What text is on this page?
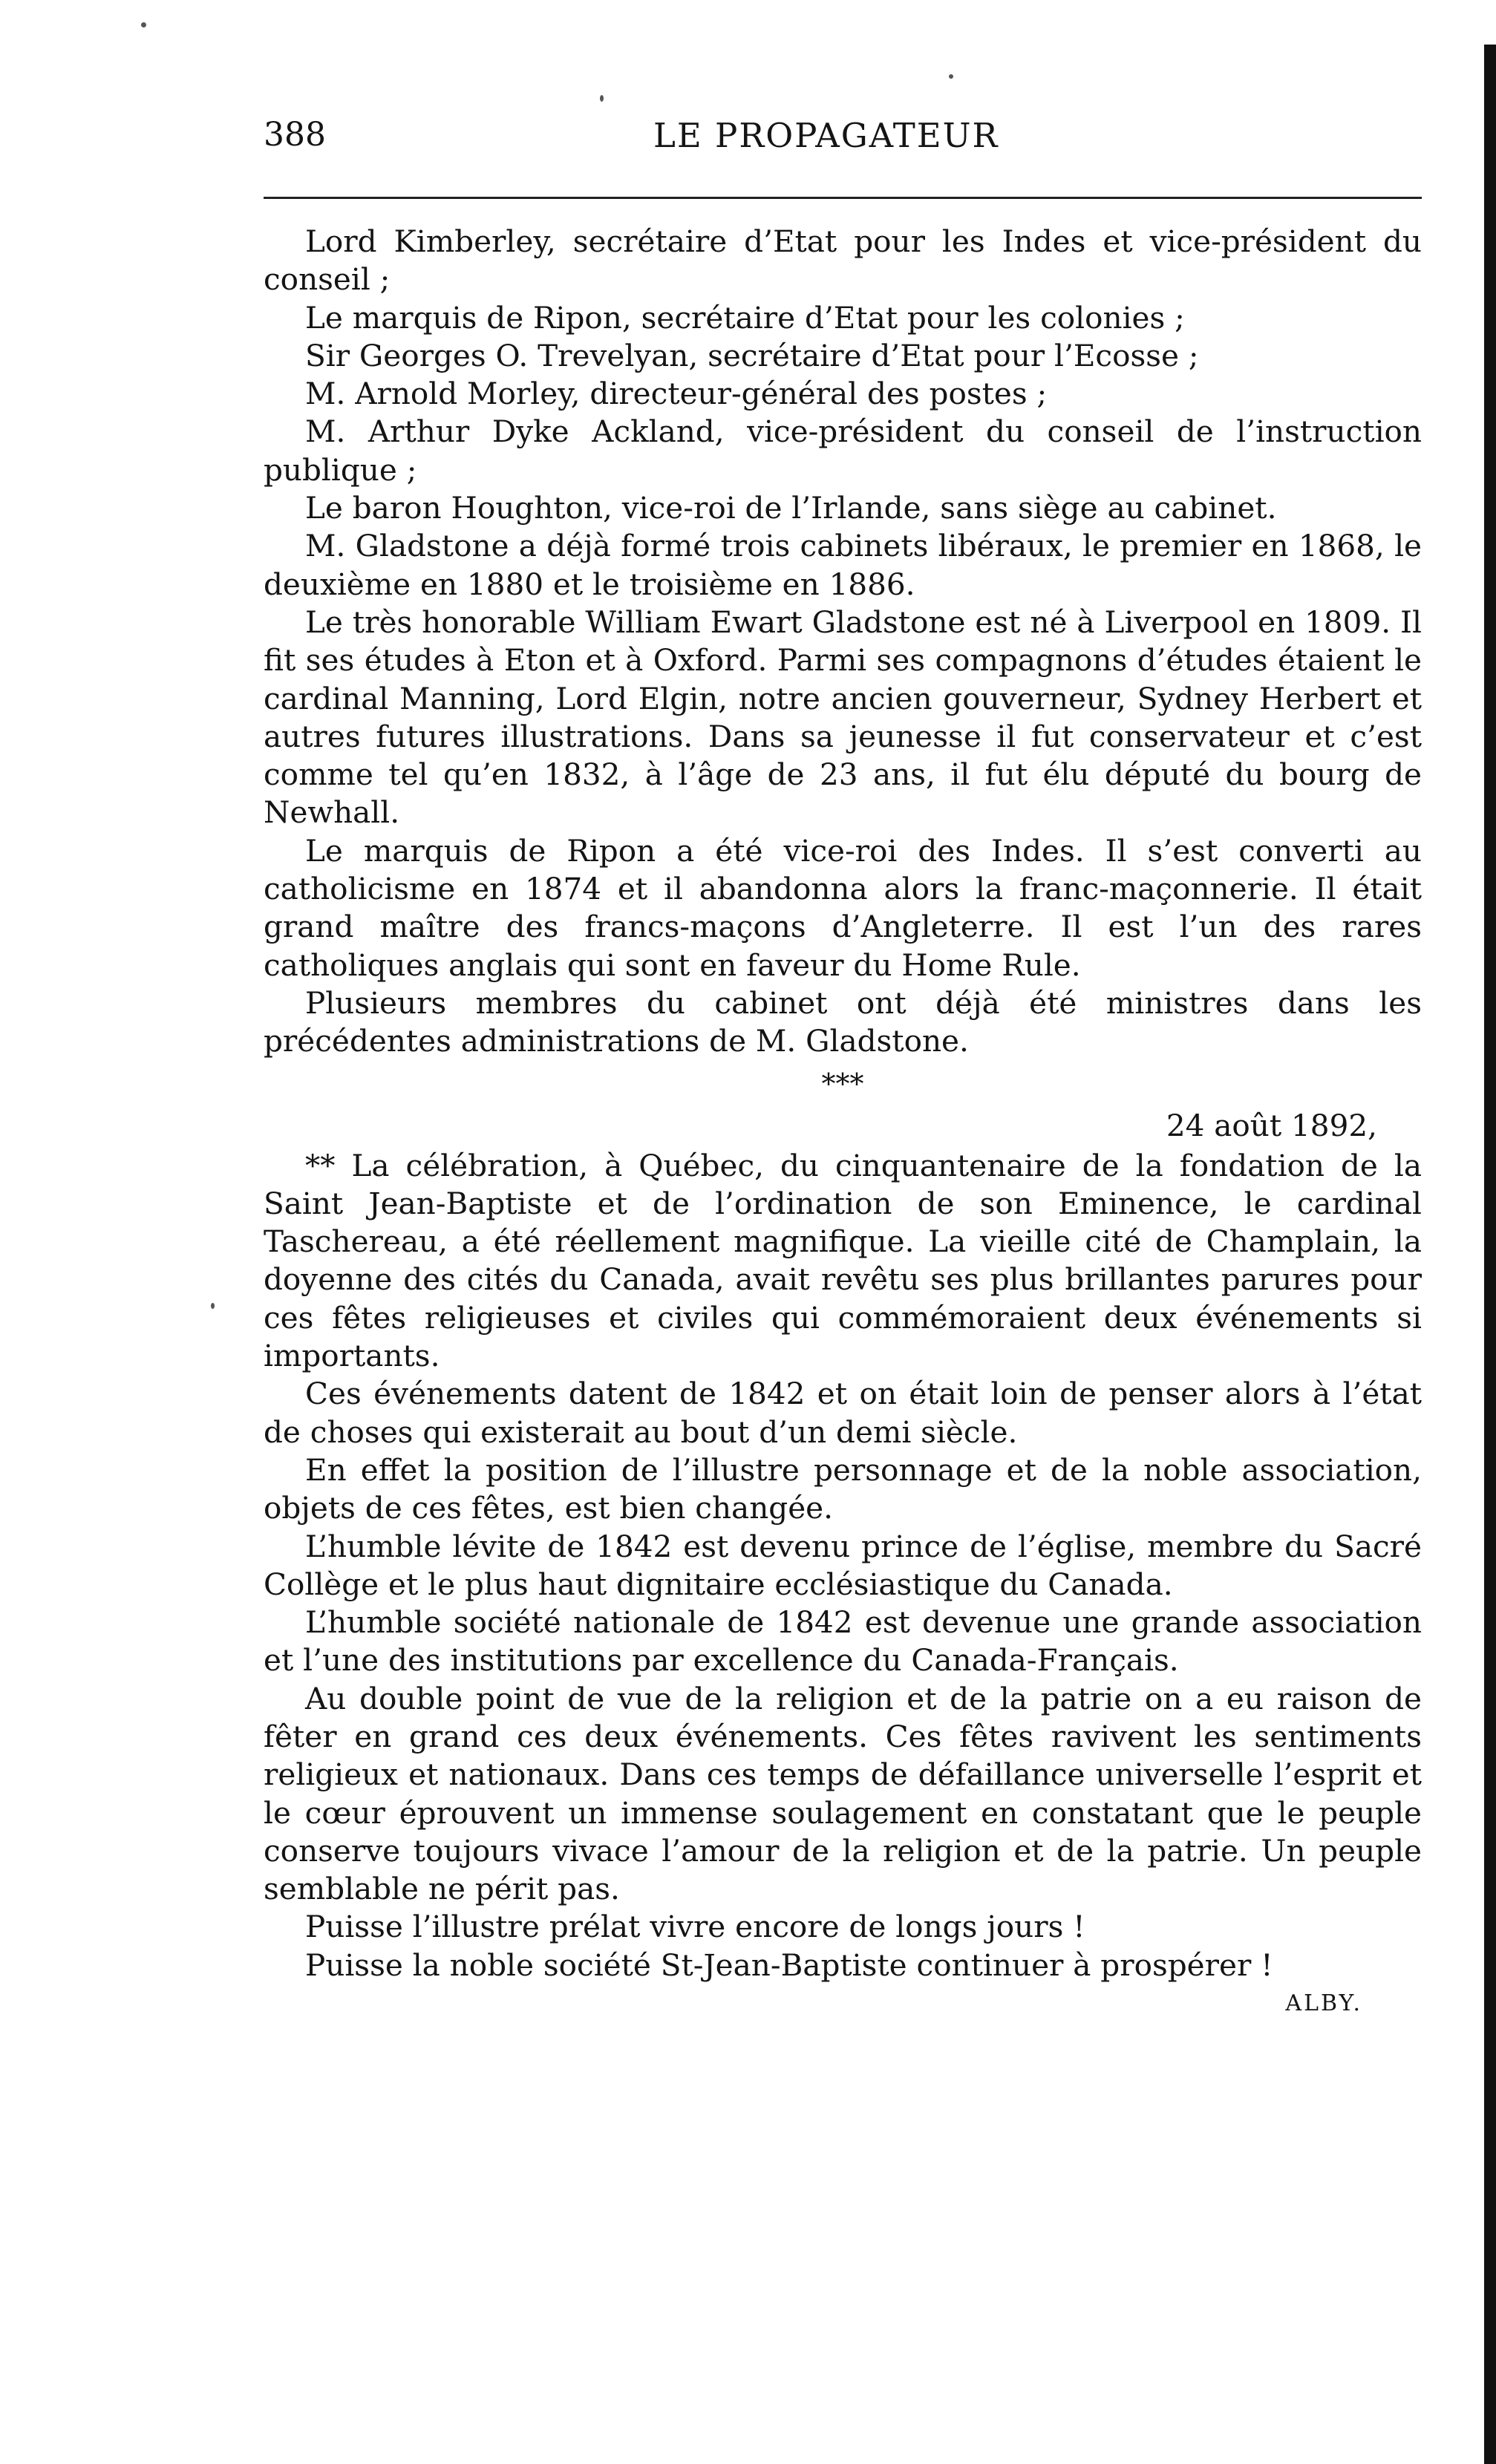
388	LE PROPAGATEUR

Lord Kimberley, secrétaire d’Etat pour les Indes et vice-président du conseil ;

Le marquis de Ripon, secrétaire d’Etat pour les colonies ;

Sir Georges O. Trevelyan, secrétaire d’Etat pour l’Ecosse ;

M. Arnold Morley, directeur-général des postes ;

M. Arthur Dyke Ackland, vice-président du conseil de l’instruction publique ;

Le baron Houghton, vice-roi de l’Irlande, sans siège au cabinet.

M. Gladstone a déjà formé trois cabinets libéraux, le premier en 1868, le deuxième en 1880 et le troisième en 1886.

Le très honorable William Ewart Gladstone est né à Liverpool en 1809. Il fit ses études à Eton et à Oxford. Parmi ses compagnons d’études étaient le cardinal Manning, Lord Elgin, notre ancien gouverneur, Sydney Herbert et autres futures illustrations. Dans sa jeunesse il fut conservateur et c’est comme tel qu’en 1832, à l’âge de 23 ans, il fut élu député du bourg de Newhall.

Le marquis de Ripon a été vice-roi des Indes. Il s’est converti au catholicisme en 1874 et il abandonna alors la franc-maçonnerie. Il était grand maître des francs-maçons d’Angleterre. Il est l’un des rares catholiques anglais qui sont en faveur du Home Rule.

Plusieurs membres du cabinet ont déjà été ministres dans les précédentes administrations de M. Gladstone.

***
24 août 1892,

** La célébration, à Québec, du cinquantenaire de la fondation de la Saint Jean-Baptiste et de l’ordination de son Eminence, le cardinal Taschereau, a été réellement magnifique. La vieille cité de Champlain, la doyenne des cités du Canada, avait revêtu ses plus brillantes parures pour ces fêtes religieuses et civiles qui commémoraient deux événements si importants.

Ces événements datent de 1842 et on était loin de penser alors à l’état de choses qui existerait au bout d’un demi siècle.

En effet la position de l’illustre personnage et de la noble association, objets de ces fêtes, est bien changée.

L’humble lévite de 1842 est devenu prince de l’église, membre du Sacré Collège et le plus haut dignitaire ecclésiastique du Canada.

L’humble société nationale de 1842 est devenue une grande association et l’une des institutions par excellence du Canada-Français.

Au double point de vue de la religion et de la patrie on a eu raison de fêter en grand ces deux événements. Ces fêtes ravivent les sentiments religieux et nationaux. Dans ces temps de défaillance universelle l’esprit et le cœur éprouvent un immense soulagement en constatant que le peuple conserve toujours vivace l’amour de la religion et de la patrie. Un peuple semblable ne périt pas.

Puisse l’illustre prélat vivre encore de longs jours !

Puisse la noble société St-Jean-Baptiste continuer à prospérer !

ALBY.
